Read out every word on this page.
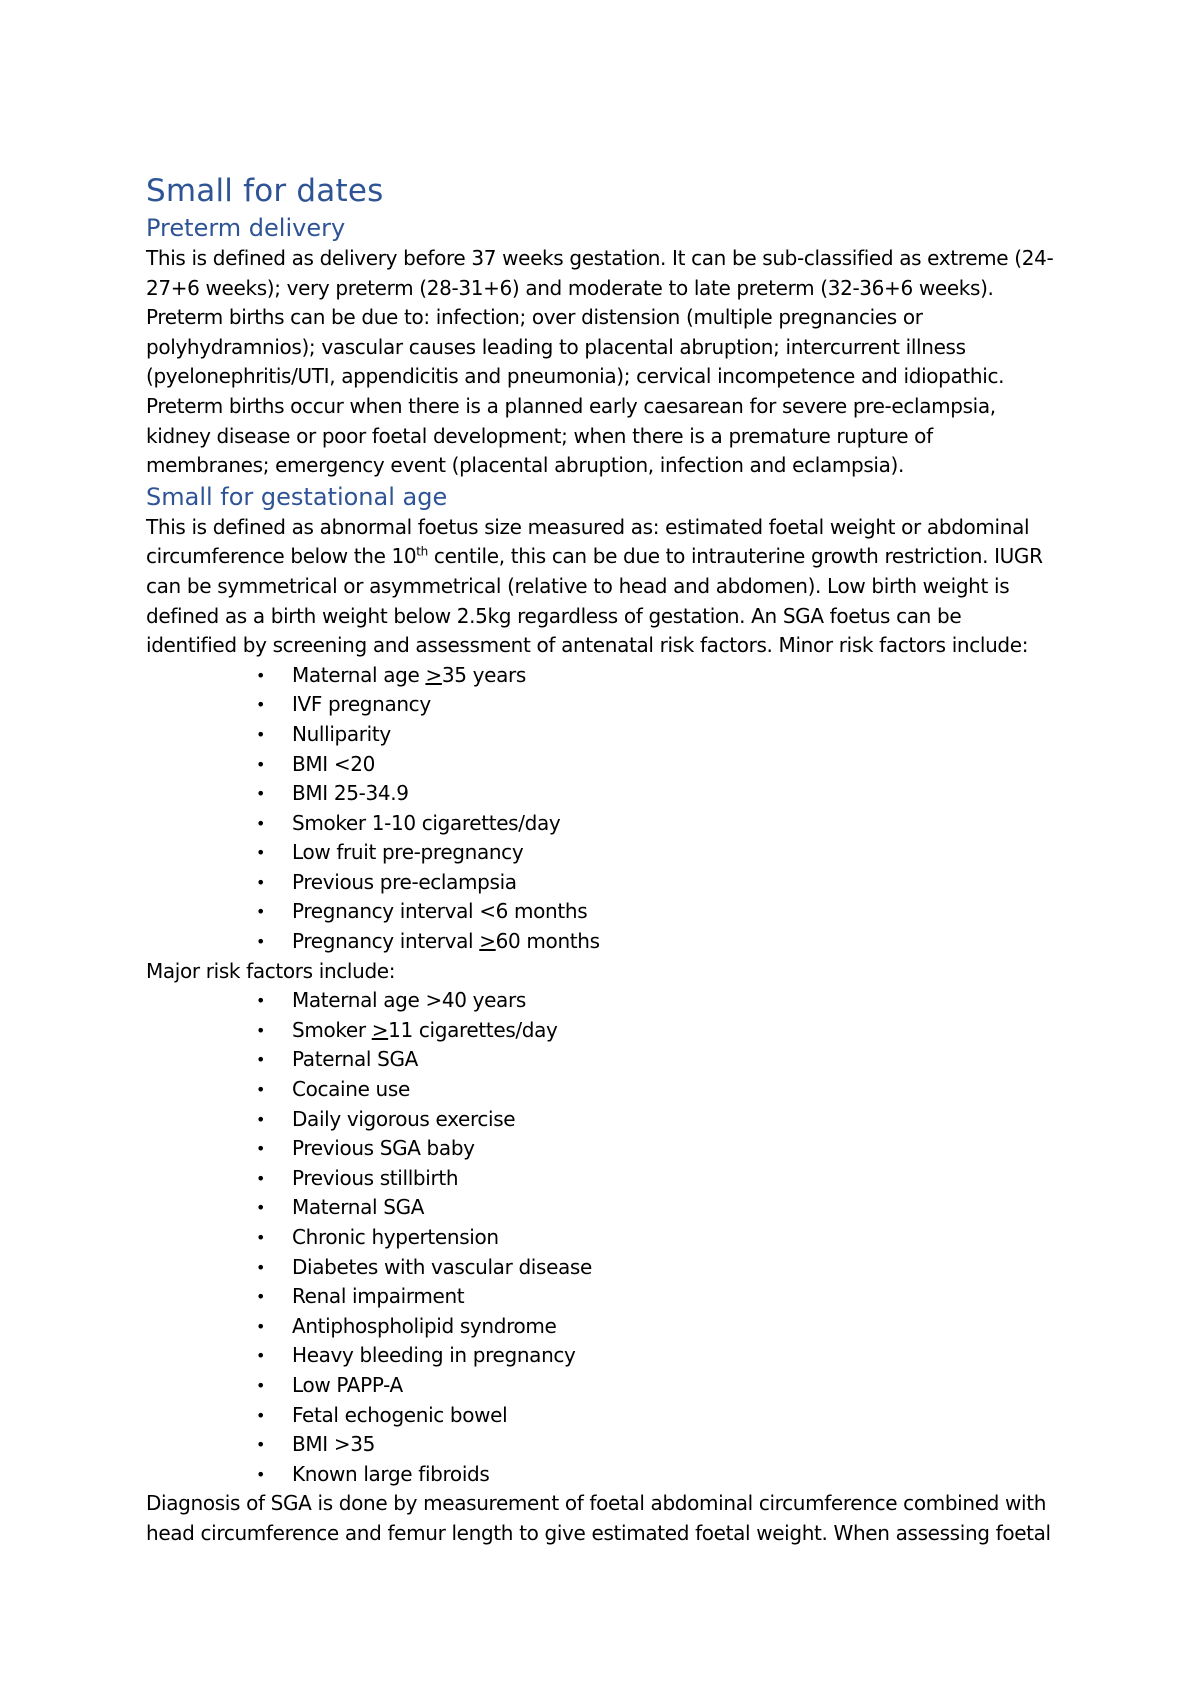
Small for dates
Preterm delivery

This is defined as delivery before 37 weeks gestation. It can be sub-classified as extreme (24-

27+6 weeks); very preterm (28-31+6) and moderate to late preterm (32-36+6 weeks).

Preterm births can be due to: infection; over distension (multiple pregnancies or

polyhydramnios); vascular causes leading to placental abruption; intercurrent illness

(pyelonephritis/UTI, appendicitis and pneumonia); cervical incompetence and idiopathic.

Preterm births occur when there is a planned early caesarean for severe pre-eclampsia,

kidney disease or poor foetal development; when there is a premature rupture of

membranes; emergency event (placental abruption, infection and eclampsia).

Small for gestational age

This is defined as abnormal foetus size measured as: estimated foetal weight or abdominal

circumference below the 10th centile, this can be due to intrauterine growth restriction. IUGR

can be symmetrical or asymmetrical (relative to head and abdomen). Low birth weight is

defined as a birth weight below 2.5kg regardless of gestation. An SGA foetus can be

identified by screening and assessment of antenatal risk factors. Minor risk factors include:

• Maternal age ≥35 years
• IVF pregnancy
• Nulliparity
• BMI <20
• BMI 25-34.9
• Smoker 1-10 cigarettes/day
• Low fruit pre-pregnancy
• Previous pre-eclampsia
• Pregnancy interval <6 months
• Pregnancy interval ≥60 months

Major risk factors include:

• Maternal age >40 years
• Smoker ≥11 cigarettes/day
• Paternal SGA
• Cocaine use
• Daily vigorous exercise
• Previous SGA baby
• Previous stillbirth
• Maternal SGA
• Chronic hypertension
• Diabetes with vascular disease
• Renal impairment
• Antiphospholipid syndrome
• Heavy bleeding in pregnancy
• Low PAPP-A
• Fetal echogenic bowel
• BMI >35
• Known large fibroids

Diagnosis of SGA is done by measurement of foetal abdominal circumference combined with

head circumference and femur length to give estimated foetal weight. When assessing foetal
